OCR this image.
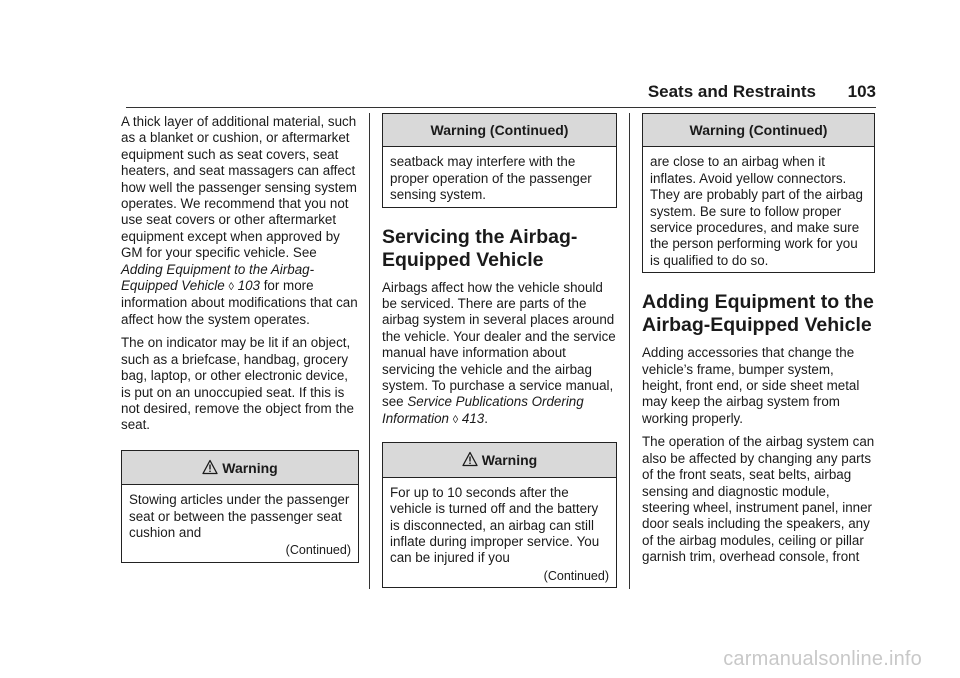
Seats and Restraints 103

A thick layer of additional material, such as a blanket or cushion, or aftermarket equipment such as seat covers, seat heaters, and seat massagers can affect how well the passenger sensing system operates. We recommend that you not use seat covers or other aftermarket equipment except when approved by GM for your specific vehicle. See Adding Equipment to the Airbag-Equipped Vehicle ◊ 103 for more information about modifications that can affect how the system operates.

The on indicator may be lit if an object, such as a briefcase, handbag, grocery bag, laptop, or other electronic device, is put on an unoccupied seat. If this is not desired, remove the object from the seat.

Warning
Stowing articles under the passenger seat or between the passenger seat cushion and
(Continued)
Warning (Continued)
seatback may interfere with the proper operation of the passenger sensing system.
Servicing the Airbag-Equipped Vehicle

Airbags affect how the vehicle should be serviced. There are parts of the airbag system in several places around the vehicle. Your dealer and the service manual have information about servicing the vehicle and the airbag system. To purchase a service manual, see Service Publications Ordering Information ◊ 413.

Warning
For up to 10 seconds after the vehicle is turned off and the battery is disconnected, an airbag can still inflate during improper service. You can be injured if you
(Continued)
Warning (Continued)
are close to an airbag when it inflates. Avoid yellow connectors. They are probably part of the airbag system. Be sure to follow proper service procedures, and make sure the person performing work for you is qualified to do so.
Adding Equipment to the Airbag-Equipped Vehicle

Adding accessories that change the vehicle’s frame, bumper system, height, front end, or side sheet metal may keep the airbag system from working properly.

The operation of the airbag system can also be affected by changing any parts of the front seats, seat belts, airbag sensing and diagnostic module, steering wheel, instrument panel, inner door seals including the speakers, any of the airbag modules, ceiling or pillar garnish trim, overhead console, front

carmanualsonline.info
